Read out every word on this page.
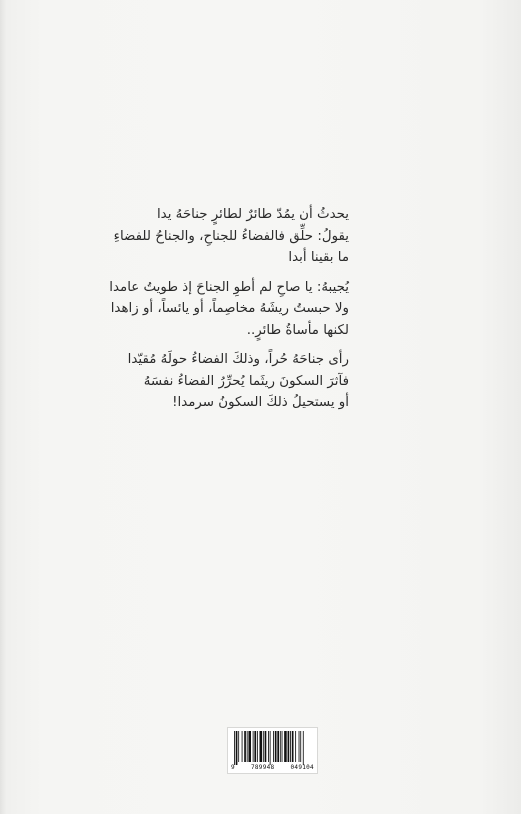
يحدثُ أن يمُدّ طائرٌ لطائرٍ جناحَهُ يدا
يقولُ: حلِّق فالفضاءُ للجناحِ، والجناحُ للفضاءِ
ما بقينا أبدا
يُجيبهُ: يا صاحِ لم أطوِ الجناحَ إذ طويتُ عامدا
ولا حبستُ ريشَهُ مخاصِماً، أو يائساً، أو زاهدا
لكنها مأساةُ طائرٍ..
رأى جناحَهُ حُراً، وذلكَ الفضاءُ حولَهُ مُقيّدا
فآثرَ السكونَ ريثَما يُحرِّرُ الفضاءُ نفسَهُ
أو يستحيلُ ذلكَ السكونُ سرمدا!
9	789948	049104
